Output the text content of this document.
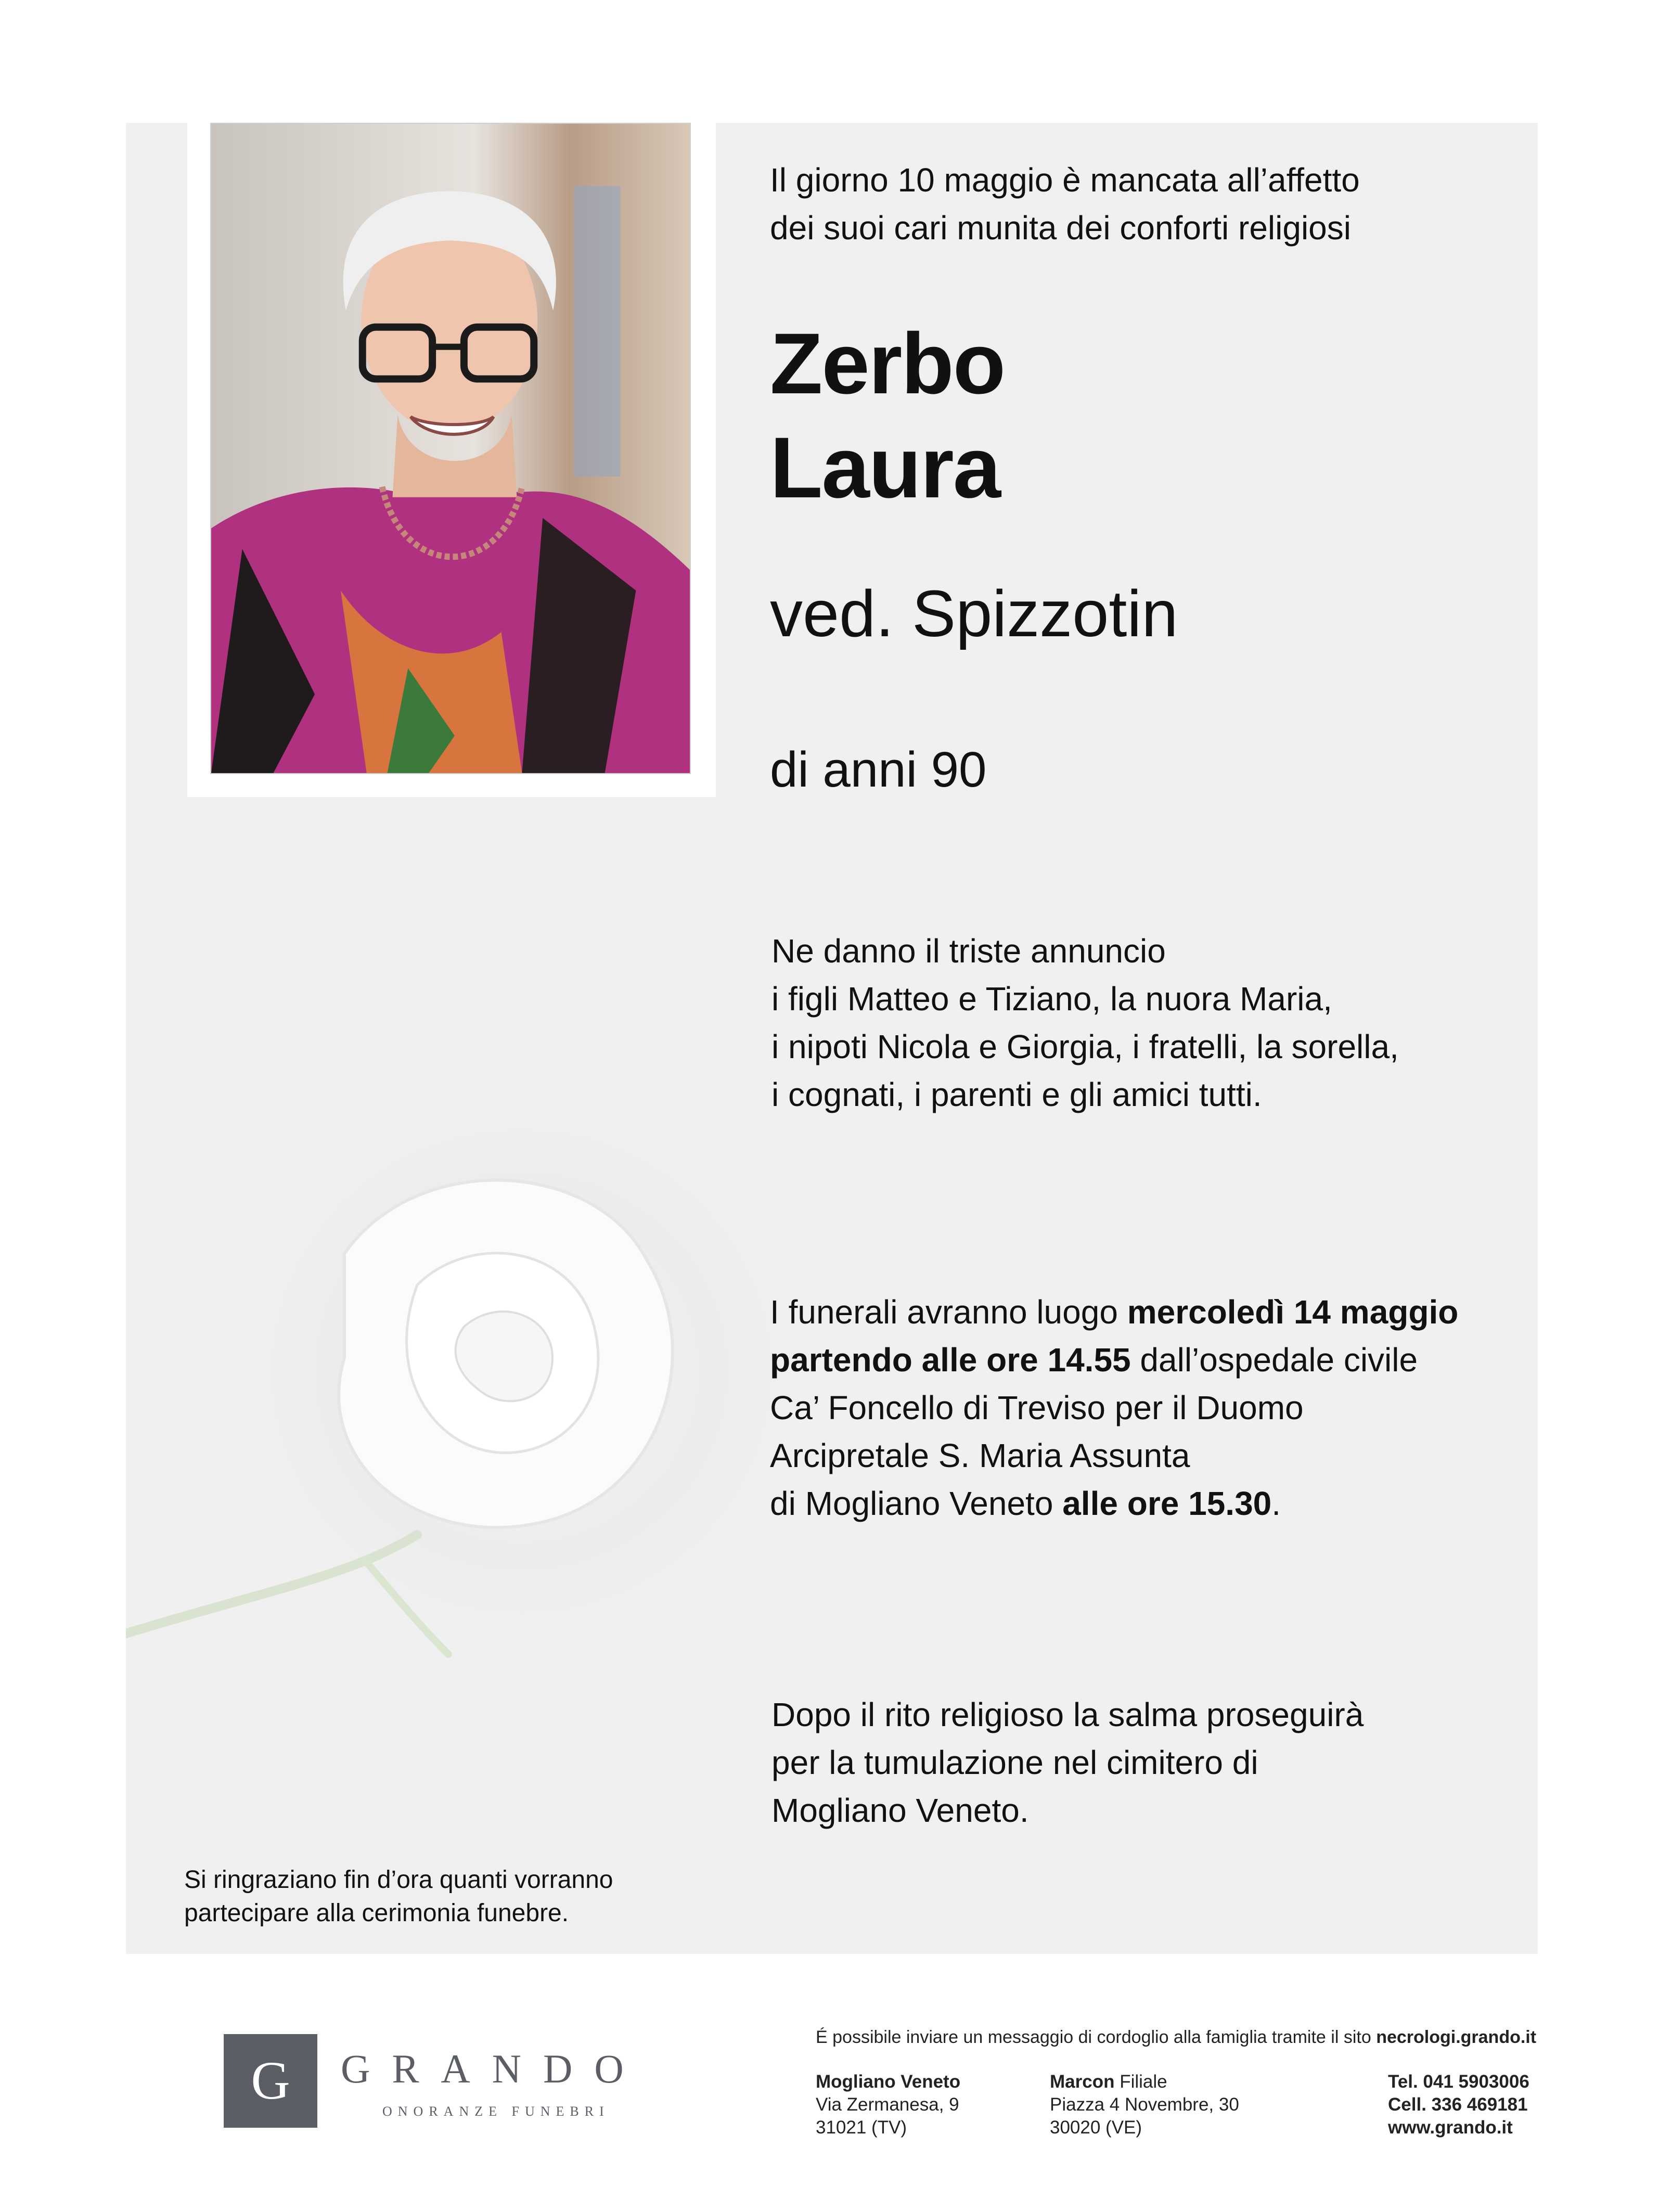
Il giorno 10 maggio è mancata all’affetto
dei suoi cari munita dei conforti religiosi
Zerbo
Laura
ved. Spizzotin
di anni 90
Ne danno il triste annuncio
i figli Matteo e Tiziano, la nuora Maria,
i nipoti Nicola e Giorgia, i fratelli, la sorella,
i cognati, i parenti e gli amici tutti.
I funerali avranno luogo mercoledì 14 maggio
partendo alle ore 14.55 dall’ospedale civile
Ca’ Foncello di Treviso per il Duomo
Arcipretale S. Maria Assunta
di Mogliano Veneto alle ore 15.30.
Dopo il rito religioso la salma proseguirà
per la tumulazione nel cimitero di
Mogliano Veneto.
Si ringraziano fin d’ora quanti vorranno
partecipare alla cerimonia funebre.
G	GRANDO
ONORANZE FUNEBRI
É possibile inviare un messaggio di cordoglio alla famiglia tramite il sito necrologi.grando.it
Mogliano Veneto
Via Zermanesa, 9
31021 (TV)
Marcon Filiale
Piazza 4 Novembre, 30
30020 (VE)
Tel. 041 5903006
Cell. 336 469181
www.grando.it
